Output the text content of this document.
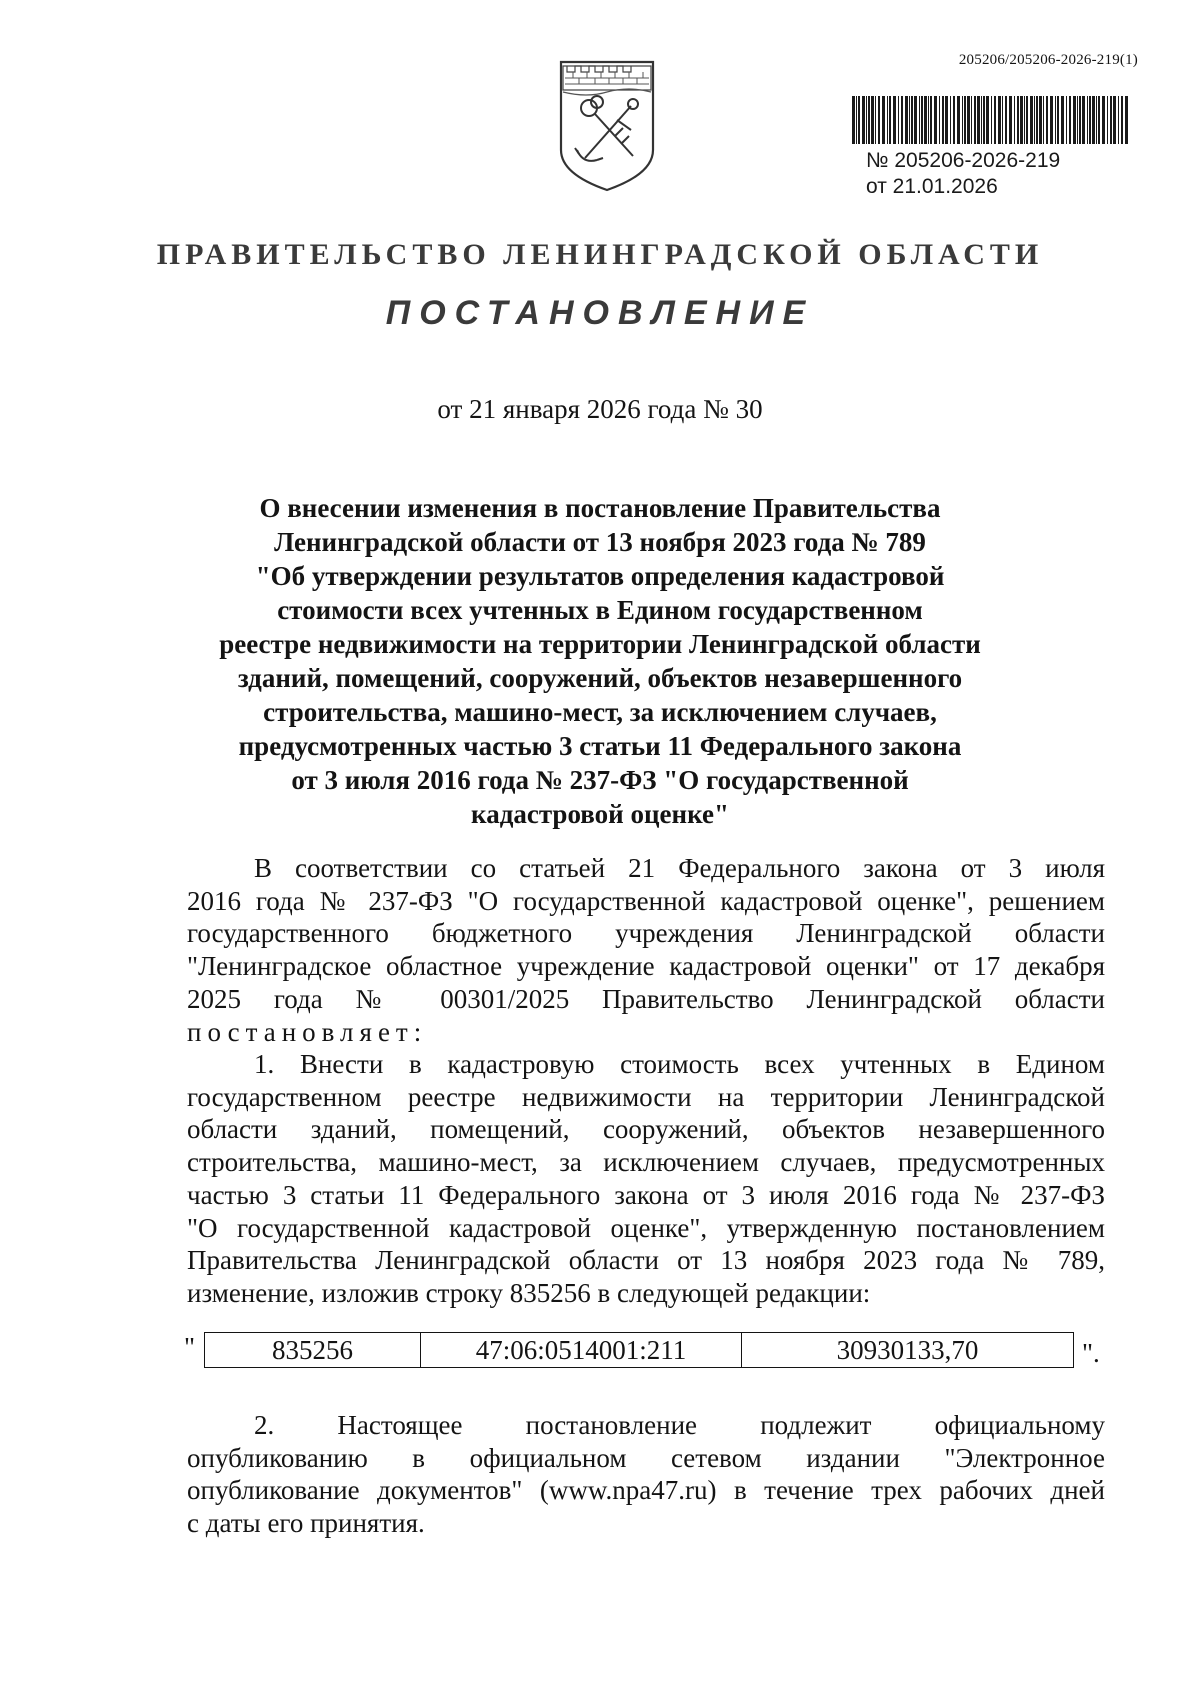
205206/205206-2026-219(1)
№ 205206-2026-219
от 21.01.2026
ПРАВИТЕЛЬСТВО ЛЕНИНГРАДСКОЙ ОБЛАСТИ
ПОСТАНОВЛЕНИЕ
от 21 января 2026 года № 30
О внесении изменения в постановление Правительства
Ленинградской области от 13 ноября 2023 года № 789
"Об утверждении результатов определения кадастровой
стоимости всех учтенных в Едином государственном
реестре недвижимости на территории Ленинградской области
зданий, помещений, сооружений, объектов незавершенного
строительства, машино-мест, за исключением случаев,
предусмотренных частью 3 статьи 11 Федерального закона
от 3 июля 2016 года № 237-ФЗ "О государственной
кадастровой оценке"
В соответствии со статьей 21 Федерального закона от 3 июля
2016 года № 237-ФЗ "О государственной кадастровой оценке", решением
государственного бюджетного учреждения Ленинградской области
"Ленинградское областное учреждение кадастровой оценки" от 17 декабря
2025 года № 00301/2025 Правительство Ленинградской области
постановляет:
1. Внести в кадастровую стоимость всех учтенных в Едином
государственном реестре недвижимости на территории Ленинградской
области зданий, помещений, сооружений, объектов незавершенного
строительства, машино-мест, за исключением случаев, предусмотренных
частью 3 статьи 11 Федерального закона от 3 июля 2016 года № 237-ФЗ
"О государственной кадастровой оценке", утвержденную постановлением
Правительства Ленинградской области от 13 ноября 2023 года № 789,
изменение, изложив строку 835256 в следующей редакции:
"	835256	47:06:0514001:211	30930133,70	".
2. Настоящее постановление подлежит официальному
опубликованию в официальном сетевом издании "Электронное
опубликование документов" (www.npa47.ru) в течение трех рабочих дней
с даты его принятия.
